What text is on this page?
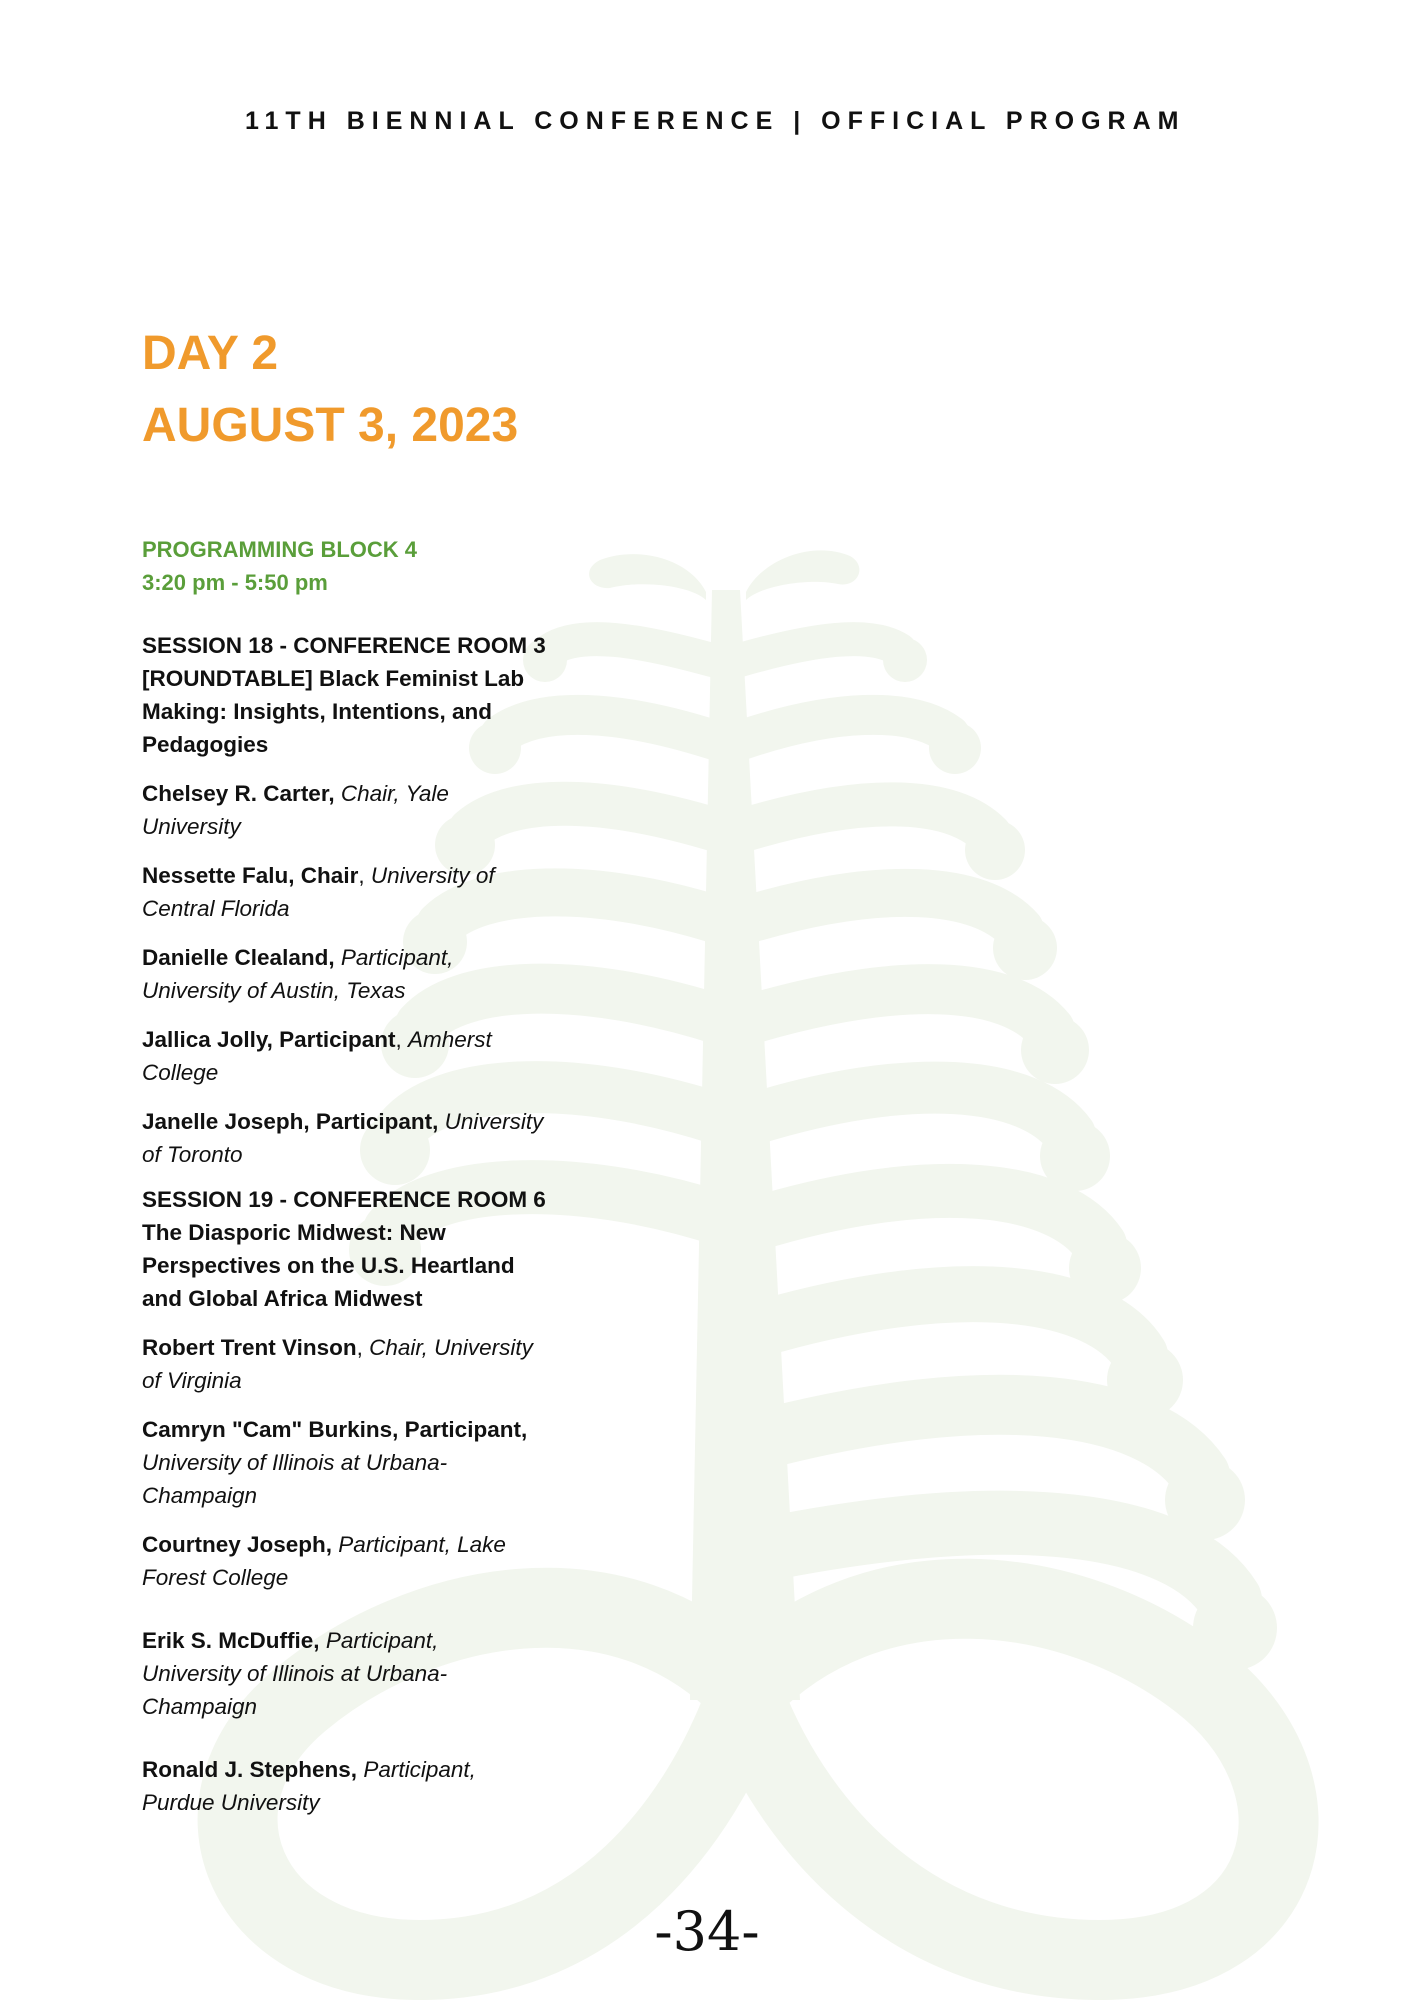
11TH BIENNIAL CONFERENCE | OFFICIAL PROGRAM
DAY 2
AUGUST 3, 2023
PROGRAMMING BLOCK 4
3:20 pm - 5:50 pm
SESSION 18 - CONFERENCE ROOM 3
[ROUNDTABLE] Black Feminist Lab
Making: Insights, Intentions, and
Pedagogies
Chelsey R. Carter, Chair, Yale
University
Nessette Falu, Chair, University of
Central Florida
Danielle Clealand, Participant,
University of Austin, Texas
Jallica Jolly, Participant, Amherst
College
Janelle Joseph, Participant, University
of Toronto
SESSION 19 - CONFERENCE ROOM 6
The Diasporic Midwest: New
Perspectives on the U.S. Heartland
and Global Africa Midwest
Robert Trent Vinson, Chair, University
of Virginia
Camryn "Cam" Burkins, Participant,
University of Illinois at Urbana-
Champaign
Courtney Joseph, Participant, Lake
Forest College
Erik S. McDuffie, Participant,
University of Illinois at Urbana-
Champaign
Ronald J. Stephens, Participant,
Purdue University
-34-
